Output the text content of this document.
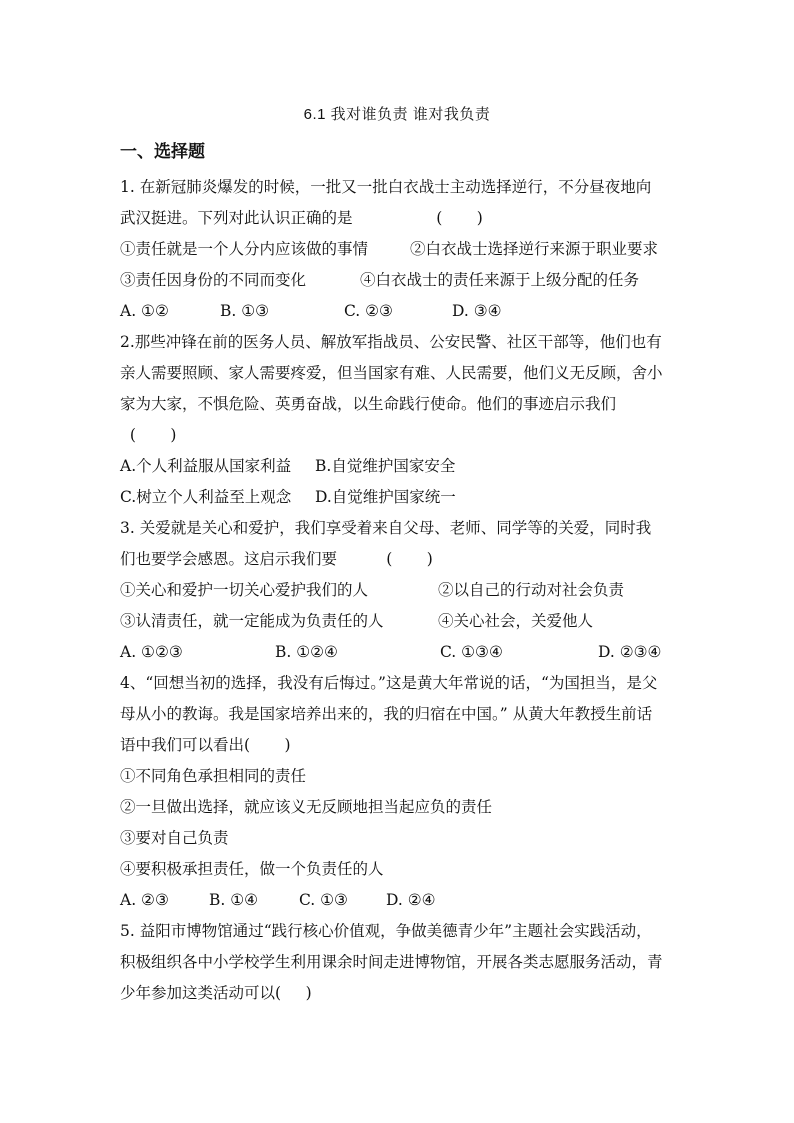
6.1 我对谁负责 谁对我负责
一、选择题
1. 在新冠肺炎爆发的时候，一批又一批白衣战士主动选择逆行，不分昼夜地向
武汉挺进。下列对此认识正确的是                 (       )
①责任就是一个人分内应该做的事情	②白衣战士选择逆行来源于职业要求
③责任因身份的不同而变化	④白衣战士的责任来源于上级分配的任务
A. ①②	B. ①③	C. ②③	D. ③④
2.那些冲锋在前的医务人员、解放军指战员、公安民警、社区干部等，他们也有
亲人需要照顾、家人需要疼爱，但当国家有难、人民需要，他们义无反顾，舍小
家为大家，不惧危险、英勇奋战，以生命践行使命。他们的事迹启示我们
(       )
A.个人利益服从国家利益	B.自觉维护国家安全
C.树立个人利益至上观念	D.自觉维护国家统一
3. 关爱就是关心和爱护，我们享受着来自父母、老师、同学等的关爱，同时我
们也要学会感恩。这启示我们要          (       )
①关心和爱护一切关心爱护我们的人	②以自己的行动对社会负责
③认清责任，就一定能成为负责任的人	④关心社会，关爱他人
A. ①②③	B. ①②④	C. ①③④	D. ②③④
4、“回想当初的选择，我没有后悔过。”这是黄大年常说的话，“为国担当，是父
母从小的教诲。我是国家培养出来的，我的归宿在中国。” 从黄大年教授生前话
语中我们可以看出(       )
①不同角色承担相同的责任
②一旦做出选择，就应该义无反顾地担当起应负的责任
③要对自己负责
④要积极承担责任，做一个负责任的人
A. ②③	B. ①④	C. ①③	D. ②④
5. 益阳市博物馆通过“践行核心价值观，争做美德青少年”主题社会实践活动，
积极组织各中小学校学生利用课余时间走进博物馆，开展各类志愿服务活动，青
少年参加这类活动可以(     )
